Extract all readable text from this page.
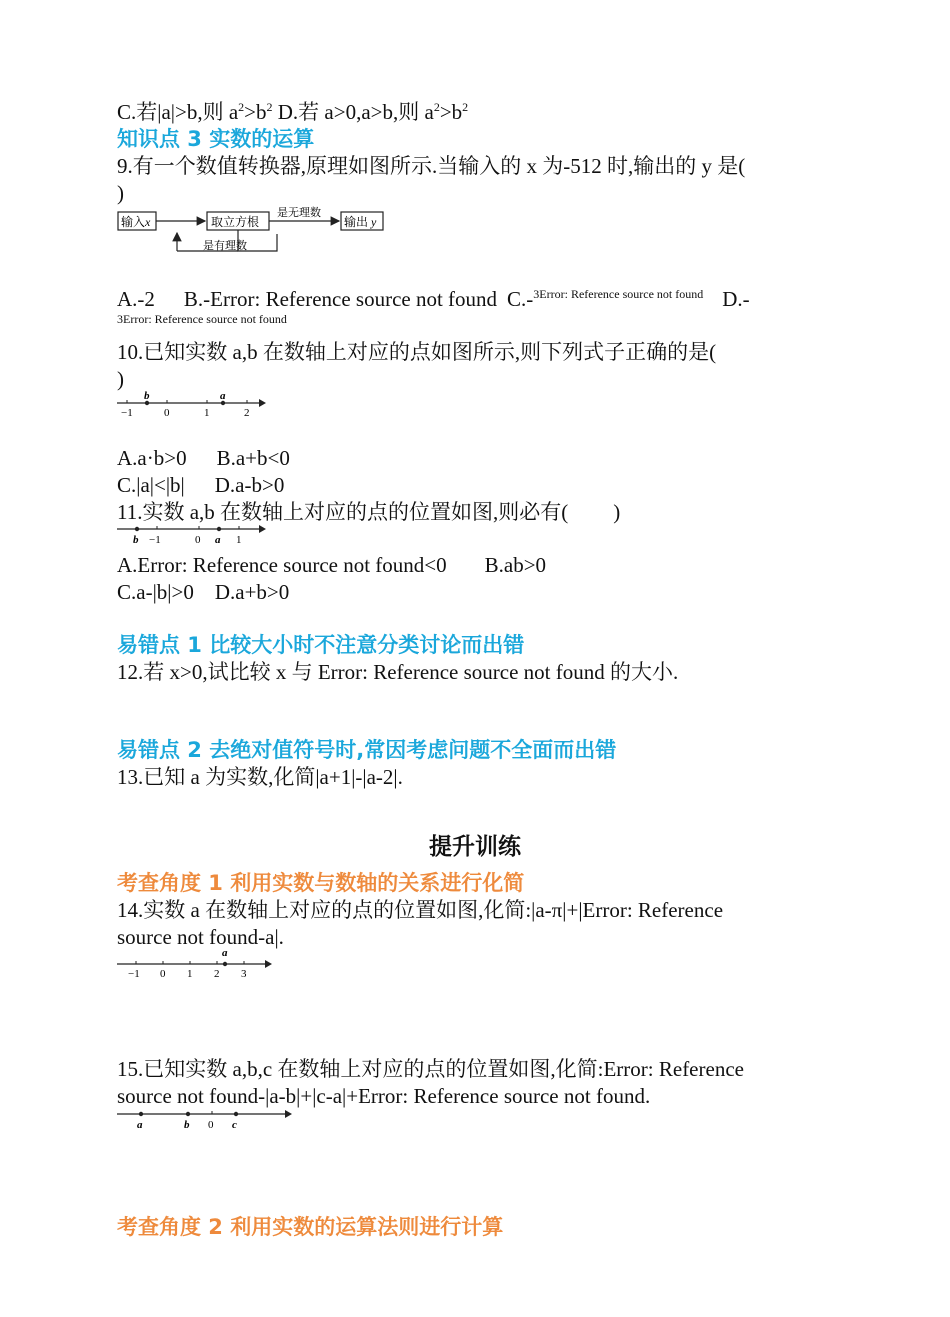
C.若|a|>b,则 $a^2>b^2$ D.若 a>0,a>b,则 $a^2>b^2$
知识点 3 实数的运算
9.有一个数值转换器,原理如图所示.当输入的 x 为-512 时,输出的 y 是(
)
输入 x	取立方根
是无理数
输出 y
是有理数
A.-2 B.-Error: Reference source not found C.-$^{3Error: Reference source not found}$ D.-
3Error: Reference source not found
10.已知实数 a,b 在数轴上对应的点如图所示,则下列式子正确的是(
)
b	a
−1	0	1	2
A.a·b>0 B.a+b<0
C.|a|<|b| D.a-b>0
11.实数 a,b 在数轴上对应的点的位置如图,则必有( )
b −1	0 a 1
A.Error: Reference source not found<0 B.ab>0
C.a-|b|>0 D.a+b>0
易错点 1 比较大小时不注意分类讨论而出错
12.若 x>0,试比较 x 与 Error: Reference source not found 的大小.
易错点 2 去绝对值符号时,常因考虑问题不全面而出错
13.已知 a 为实数,化简|a+1|-|a-2|.
提升训练
考查角度 1 利用实数与数轴的关系进行化简
14.实数 a 在数轴上对应的点的位置如图,化简:|a-π|+|Error: Reference
source not found-a|.
a
−1 0 1 2 3
15.已知实数 a,b,c 在数轴上对应的点的位置如图,化简:Error: Reference
source not found-|a-b|+|c-a|+Error: Reference source not found.
a	b 0 c
考查角度 2 利用实数的运算法则进行计算
